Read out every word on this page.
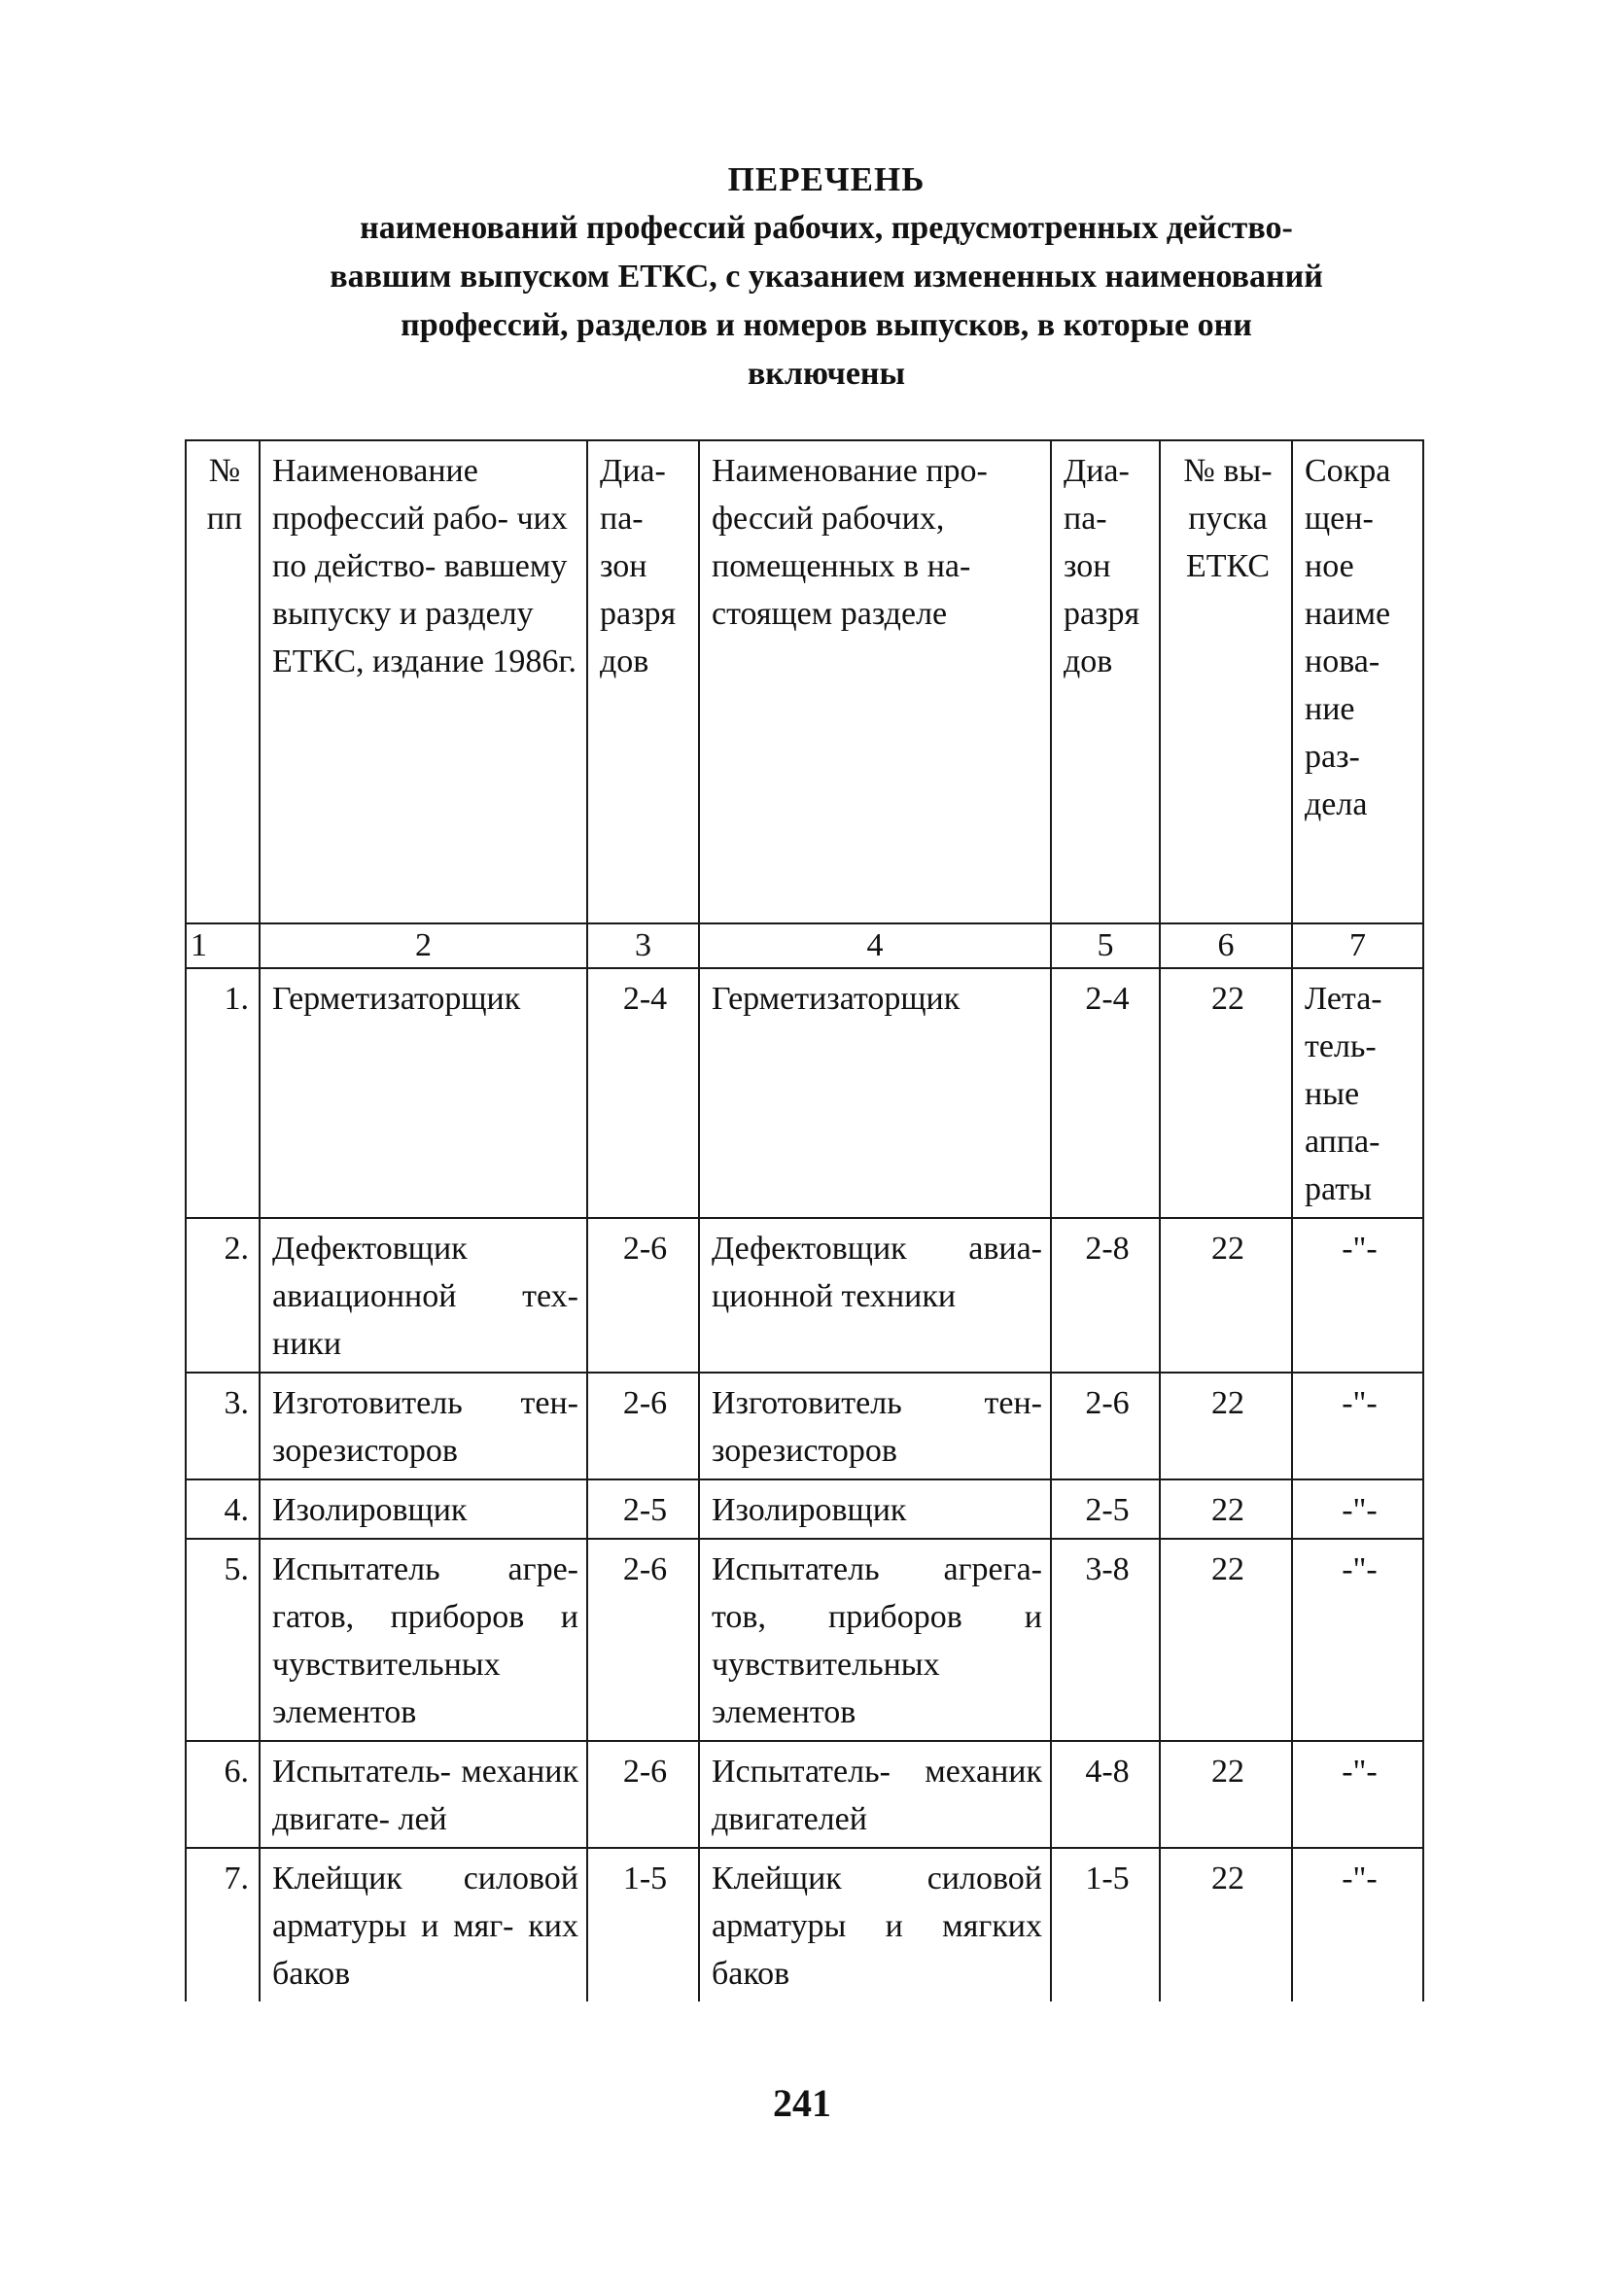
ПЕРЕЧЕНЬ
наименований профессий рабочих, предусмотренных действо-
вавшим выпуском ЕТКС, с указанием измененных наименований
профессий, разделов и номеров выпусков, в которые они
включены
№ пп	Наименование профессий рабо- чих по действо- вавшему выпуску и разделу ЕТКС, издание 1986г.	Диа- па- зон разря дов	Наименование про- фессий рабочих, помещенных в на- стоящем разделе	Диа- па- зон разря дов	№ вы- пуска ЕТКС	Сокра щен- ное наиме нова- ние раз- дела
1	2	3	4	5	6	7
1.	Герметизаторщик	2-4	Герметизаторщик	2-4	22	Лета- тель- ные аппа- раты
2.	Дефектовщик авиационной тех- ники	2-6	Дефектовщик авиа- ционной техники	2-8	22	-"-
3.	Изготовитель тен- зорезисторов	2-6	Изготовитель тен- зорезисторов	2-6	22	-"-
4.	Изолировщик	2-5	Изолировщик	2-5	22	-"-
5.	Испытатель агре- гатов, приборов и чувствительных элементов	2-6	Испытатель агрега- тов, приборов и чувствительных элементов	3-8	22	-"-
6.	Испытатель- механик двигате- лей	2-6	Испытатель- механик двигателей	4-8	22	-"-
7.	Клейщик силовой арматуры и мяг- ких баков	1-5	Клейщик силовой арматуры и мягких баков	1-5	22	-"-
241
